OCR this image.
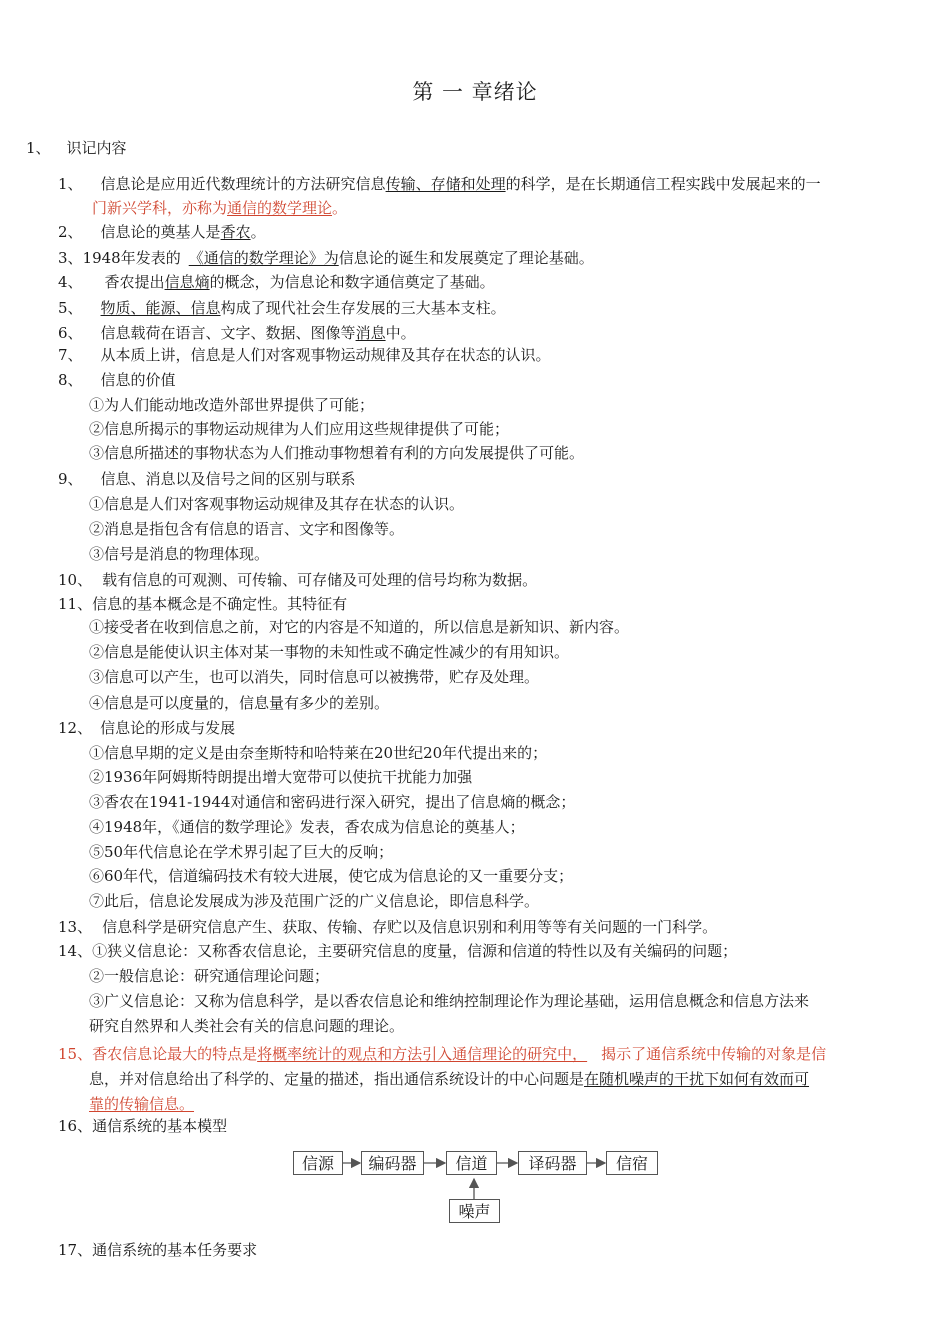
第 一 章绪论
1、 识记内容
1、 信息论是应用近代数理统计的方法研究信息传输、存储和处理的科学，是在长期通信工程实践中发展起来的一
门新兴学科，亦称为通信的数学理论。
2、 信息论的奠基人是香农。
3、1948年发表的 《通信的数学理论》为信息论的诞生和发展奠定了理论基础。
4、 香农提出信息熵的概念，为信息论和数字通信奠定了基础。
5、 物质、能源、信息构成了现代社会生存发展的三大基本支柱。
6、 信息载荷在语言、文字、数据、图像等消息中。
7、 从本质上讲，信息是人们对客观事物运动规律及其存在状态的认识。
8、 信息的价值
①为人们能动地改造外部世界提供了可能；
②信息所揭示的事物运动规律为人们应用这些规律提供了可能；
③信息所描述的事物状态为人们推动事物想着有利的方向发展提供了可能。
9、 信息、消息以及信号之间的区别与联系
①信息是人们对客观事物运动规律及其存在状态的认识。
②消息是指包含有信息的语言、文字和图像等。
③信号是消息的物理体现。
10、 载有信息的可观测、可传输、可存储及可处理的信号均称为数据。
11、信息的基本概念是不确定性。其特征有
①接受者在收到信息之前，对它的内容是不知道的，所以信息是新知识、新内容。
②信息是能使认识主体对某一事物的未知性或不确定性减少的有用知识。
③信息可以产生，也可以消失，同时信息可以被携带，贮存及处理。
④信息是可以度量的，信息量有多少的差别。
12、 信息论的形成与发展
①信息早期的定义是由奈奎斯特和哈特莱在20世纪20年代提出来的；
②1936年阿姆斯特朗提出增大宽带可以使抗干扰能力加强
③香农在1941-1944对通信和密码进行深入研究，提出了信息熵的概念；
④1948年，《通信的数学理论》发表，香农成为信息论的奠基人；
⑤50年代信息论在学术界引起了巨大的反响；
⑥60年代，信道编码技术有较大进展，使它成为信息论的又一重要分支；
⑦此后，信息论发展成为涉及范围广泛的广义信息论，即信息科学。
13、 信息科学是研究信息产生、获取、传输、存贮以及信息识别和利用等等有关问题的一门科学。
14、①狭义信息论：又称香农信息论，主要研究信息的度量，信源和信道的特性以及有关编码的问题；
②一般信息论：研究通信理论问题；
③广义信息论：又称为信息科学，是以香农信息论和维纳控制理论作为理论基础，运用信息概念和信息方法来
研究自然界和人类社会有关的信息问题的理论。
15、香农信息论最大的特点是将概率统计的观点和方法引入通信理论的研究中， 揭示了通信系统中传输的对象是信
息，并对信息给出了科学的、定量的描述，指出通信系统设计的中心问题是在随机噪声的干扰下如何有效而可
靠的传输信息。
16、通信系统的基本模型
信源	编码器	信道	译码器	信宿
噪声
17、通信系统的基本任务要求
